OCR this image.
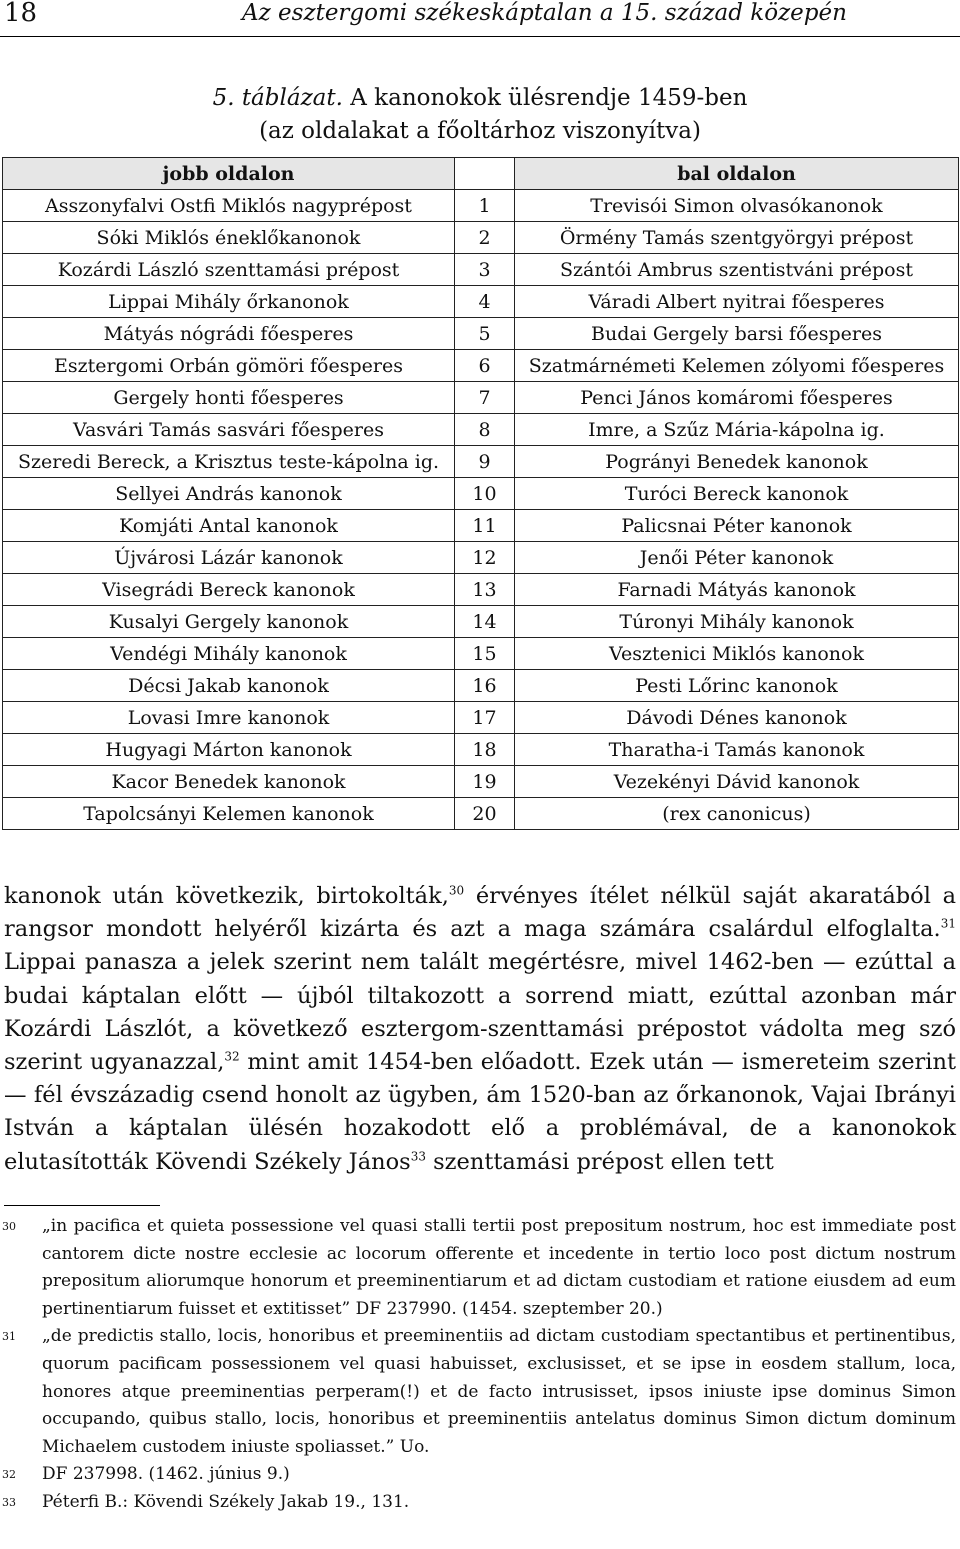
18	Az esztergomi székeskáptalan a 15. század közepén
5. táblázat. A kanonokok ülésrendje 1459-ben
(az oldalakat a főoltárhoz viszonyítva)
jobb oldalon		bal oldalon
Asszonyfalvi Ostfi Miklós nagyprépost	1	Trevisói Simon olvasókanonok
Sóki Miklós éneklőkanonok	2	Örmény Tamás szentgyörgyi prépost
Kozárdi László szenttamási prépost	3	Szántói Ambrus szentistváni prépost
Lippai Mihály őrkanonok	4	Váradi Albert nyitrai főesperes
Mátyás nógrádi főesperes	5	Budai Gergely barsi főesperes
Esztergomi Orbán gömöri főesperes	6	Szatmárnémeti Kelemen zólyomi főesperes
Gergely honti főesperes	7	Penci János komáromi főesperes
Vasvári Tamás sasvári főesperes	8	Imre, a Szűz Mária-kápolna ig.
Szeredi Bereck, a Krisztus teste-kápolna ig.	9	Pogrányi Benedek kanonok
Sellyei András kanonok	10	Turóci Bereck kanonok
Komjáti Antal kanonok	11	Palicsnai Péter kanonok
Újvárosi Lázár kanonok	12	Jenői Péter kanonok
Visegrádi Bereck kanonok	13	Farnadi Mátyás kanonok
Kusalyi Gergely kanonok	14	Túronyi Mihály kanonok
Vendégi Mihály kanonok	15	Vesztenici Miklós kanonok
Décsi Jakab kanonok	16	Pesti Lőrinc kanonok
Lovasi Imre kanonok	17	Dávodi Dénes kanonok
Hugyagi Márton kanonok	18	Tharatha-i Tamás kanonok
Kacor Benedek kanonok	19	Vezekényi Dávid kanonok
Tapolcsányi Kelemen kanonok	20	(rex canonicus)

kanonok után következik, birtokolták,$^{30}$ érvényes ítélet nélkül saját akaratából a rangsor mondott helyéről kizárta és azt a maga számára csalárdul elfoglalta.$^{31}$ Lippai panasza a jelek szerint nem talált megértésre, mivel 1462-ben — ezúttal a budai káptalan előtt — újból tiltakozott a sorrend miatt, ezúttal azonban már Kozárdi Lászlót, a következő esztergom-szenttamási prépostot vádolta meg szó szerint ugyanazzal,$^{32}$ mint amit 1454-ben előadott. Ezek után — ismereteim szerint — fél évszázadig csend honolt az ügyben, ám 1520-ban az őrkanonok, Vajai Ibrányi István a káptalan ülésén hozakodott elő a problémával, de a kanonokok elutasították Kövendi Székely János$^{33}$ szenttamási prépost ellen tett

30 „in pacifica et quieta possessione vel quasi stalli tertii post prepositum nostrum, hoc est immediate post cantorem dicte nostre ecclesie ac locorum offerente et incedente in tertio loco post dictum nostrum prepositum aliorumque honorum et preeminentiarum et ad dictam custodiam et ratione eiusdem ad eum pertinentiarum fuisset et extitisset” DF 237990. (1454. szeptember 20.)
31 „de predictis stallo, locis, honoribus et preeminentiis ad dictam custodiam spectantibus et pertinentibus, quorum pacificam possessionem vel quasi habuisset, exclusisset, et se ipse in eosdem stallum, loca, honores atque preeminentias perperam(!) et de facto intrusisset, ipsos iniuste ipse dominus Simon occupando, quibus stallo, locis, honoribus et preeminentiis antelatus dominus Simon dictum dominum Michaelem custodem iniuste spoliasset.” Uo.
32 DF 237998. (1462. június 9.)
33 Péterfi B.: Kövendi Székely Jakab 19., 131.
